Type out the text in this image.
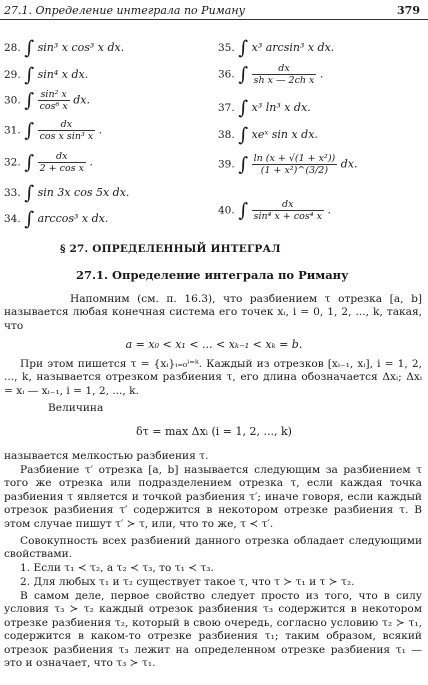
27.1. Определение интеграла по Риману	379
28. ∫ sin³ x cos³ x dx.
29. ∫ sin⁴ x dx.
30. ∫ $\frac{\text{sin² x}}{\text{cos⁶ x}}$ dx.
31. ∫ $\frac{dx}{\text{cos x sin³ x}}$ .
32. ∫ $\frac{dx}{\text{2 + cos x}}$ .
33. ∫ sin 3x cos 5x dx.
34. ∫ arccos³ x dx.
35. ∫ x³ arcsin³ x dx.
36. ∫ $\frac{dx}{\text{sh x — 2ch x}}$ .
37. ∫ x³ ln³ x dx.
38. ∫ xeˣ sin x dx.
39. ∫ $\frac{\text{ln (x + √(1 + x²))}}{\text{(1 + x²)\textasciicircum{}(3/2)}}$ dx.
40. ∫ $\frac{dx}{\text{sin⁴ x + cos⁴ x}}$ .
§ 27. ОПРЕДЕЛЕННЫЙ ИНТЕГРАЛ
27.1. Определение интеграла по Риману
Напомним (см. п. 16.3), что разбиением τ отрезка [a, b] называется любая конечная система его точек xᵢ, i = 0, 1, 2, ..., k, такая, что
a = x₀ < x₁ < ... < xₖ₋₁ < xₖ = b.
При этом пишется τ = {xᵢ}ᵢ₌₀ⁱ⁼ᵏ. Каждый из отрезков [xᵢ₋₁, xᵢ], i = 1, 2, ..., k, называется отрезком разбиения τ, его длина обозначается Δxᵢ; Δxᵢ = xᵢ — xᵢ₋₁, i = 1, 2, ..., k.
Величина
δτ = max Δxᵢ (i = 1, 2, ..., k)
называется мелкостью разбиения τ.
Разбиение τ′ отрезка [a, b] называется следующим за разбиением τ того же отрезка или подразделением отрезка τ, если каждая точка разбиения τ является и точкой разбиения τ′; иначе говоря, если каждый отрезок разбиения τ′ содержится в некотором отрезке разбиения τ. В этом случае пишут τ′ ≻ τ, или, что то же, τ ≺ τ′.
Совокупность всех разбиений данного отрезка обладает следующими свойствами.
1. Если τ₁ ≺ τ₂, а τ₂ ≺ τ₃, то τ₁ ≺ τ₃.
2. Для любых τ₁ и τ₂ существует такое τ, что τ ≻ τ₁ и τ ≻ τ₂.
В самом деле, первое свойство следует просто из того, что в силу условия τ₃ ≻ τ₂ каждый отрезок разбиения τ₃ содержится в некотором отрезке разбиения τ₂, который в свою очередь, согласно условию τ₂ ≻ τ₁, содержится в каком-то отрезке разбиения τ₁; таким образом, всякий отрезок разбиения τ₃ лежит на определенном отрезке разбиения τ₁ — это и означает, что τ₃ ≻ τ₁.
